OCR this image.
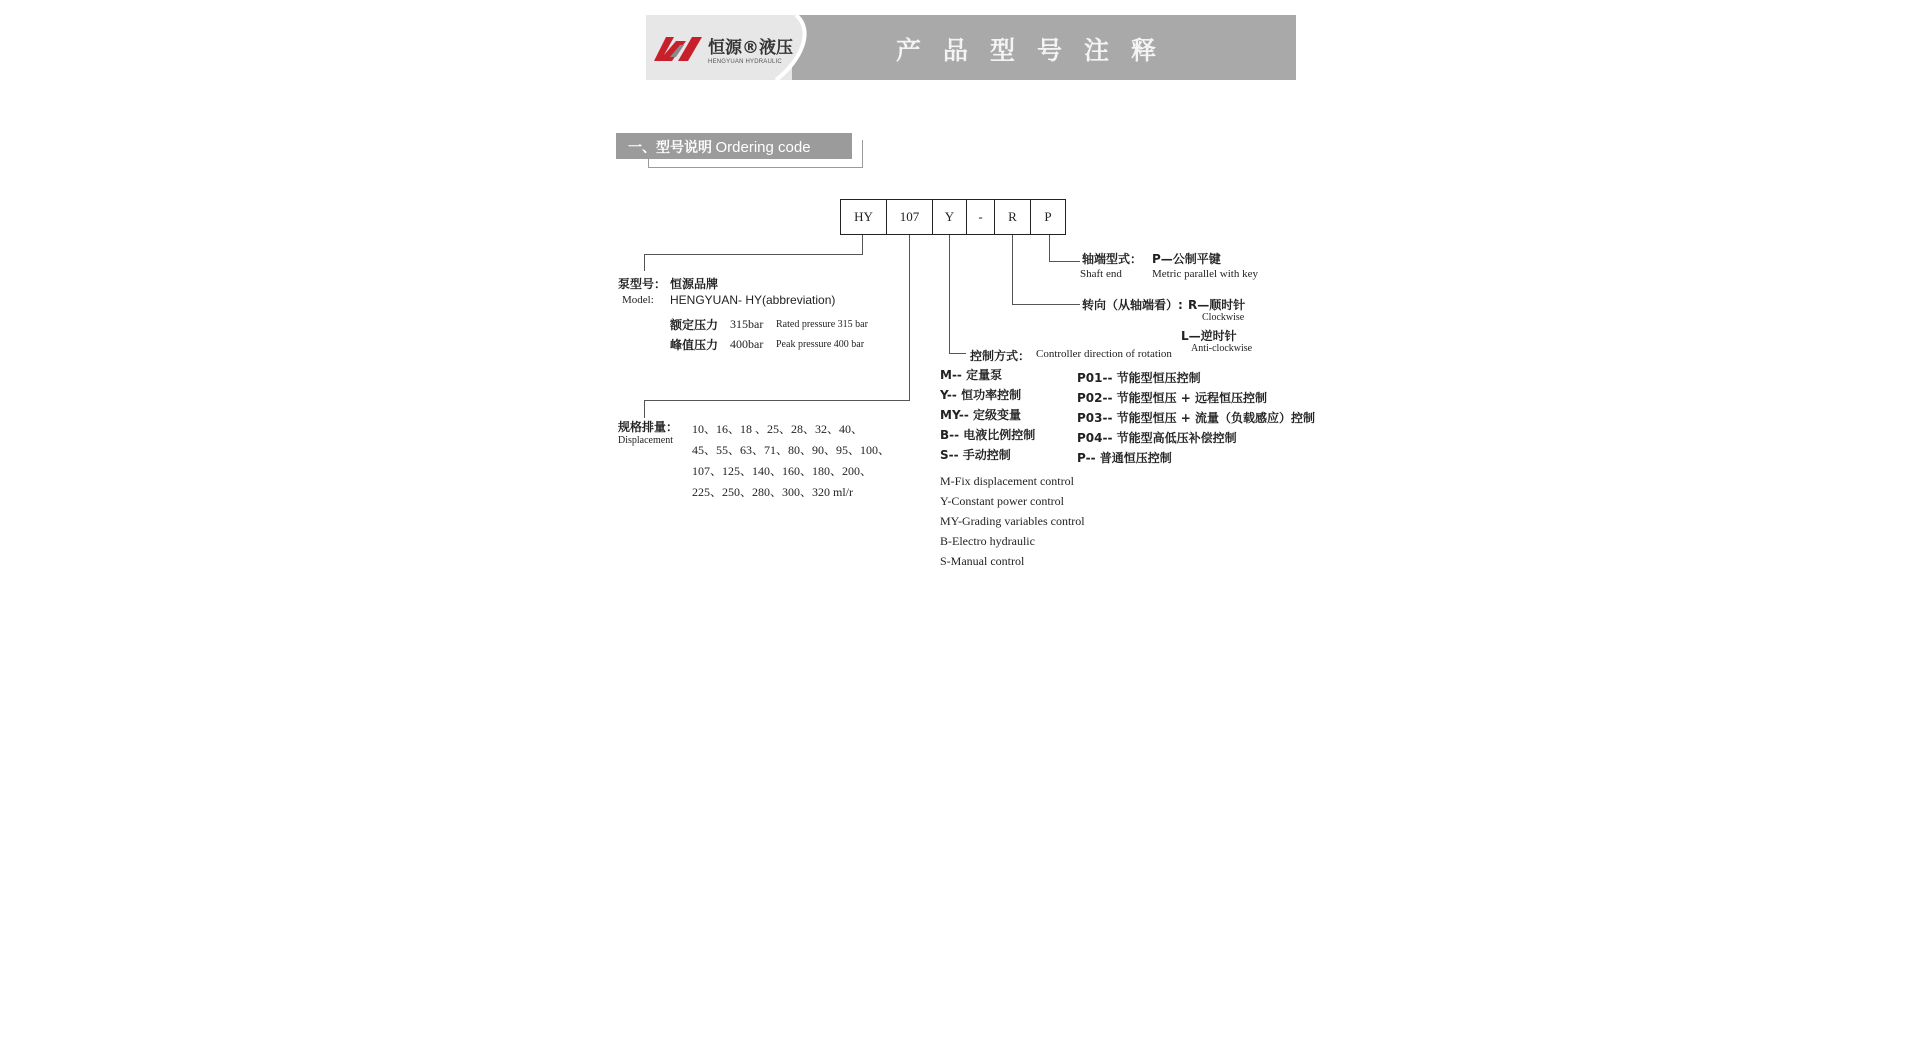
恒源®液压
HENGYUAN HYDRAULIC	产品型号注释
一、型号说明 Ordering code
HY	107	Y	-	R	P
轴端型式： P—公制平键
Shaft end	Metric parallel with key
转向（从轴端看）: R—顺时针
Clockwise
L—逆时针
Anti-clockwise
控制方式： Controller direction of rotation
M-- 定量泵
Y-- 恒功率控制
MY-- 定级变量
B-- 电液比例控制
S-- 手动控制
P01-- 节能型恒压控制
P02-- 节能型恒压 + 远程恒压控制
P03-- 节能型恒压 + 流量（负载感应）控制
P04-- 节能型高低压补偿控制
P-- 普通恒压控制
M-Fix displacement control
Y-Constant power control
MY-Grading variables control
B-Electro hydraulic
S-Manual control
泵型号： 恒源品牌
Model: HENGYUAN- HY(abbreviation)
额定压力 315bar Rated pressure 315 bar
峰值压力 400bar Peak pressure 400 bar
规格排量：
Displacement
10、16、18 、25、28、32、40、
45、55、63、71、80、90、95、100、
107、125、140、160、180、200、
225、250、280、300、320 ml/r
